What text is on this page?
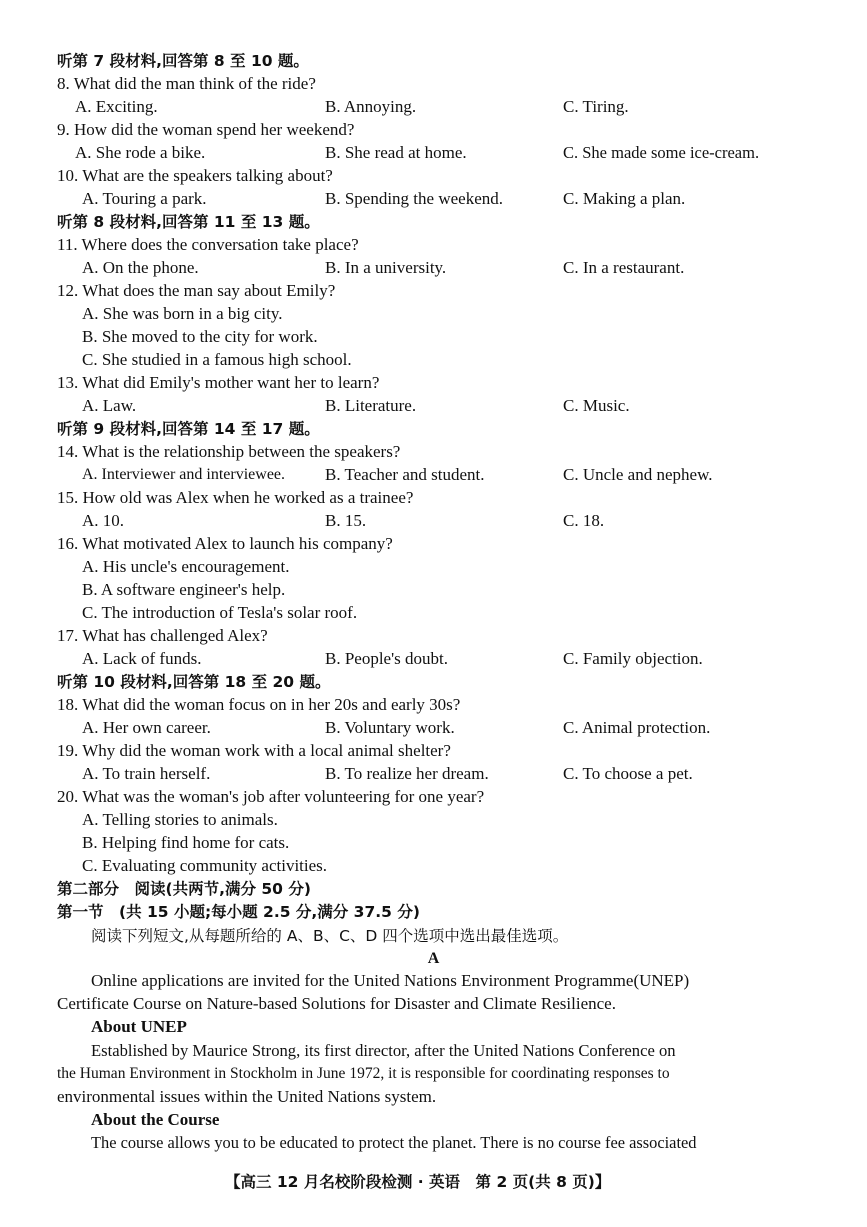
听第 7 段材料,回答第 8 至 10 题。
8. What did the man think of the ride?
A. Exciting.	B. Annoying.	C. Tiring.
9. How did the woman spend her weekend?
A. She rode a bike.	B. She read at home.	C. She made some ice-cream.
10. What are the speakers talking about?
A. Touring a park.	B. Spending the weekend.	C. Making a plan.
听第 8 段材料,回答第 11 至 13 题。
11. Where does the conversation take place?
A. On the phone.	B. In a university.	C. In a restaurant.
12. What does the man say about Emily?
A. She was born in a big city.
B. She moved to the city for work.
C. She studied in a famous high school.
13. What did Emily's mother want her to learn?
A. Law.	B. Literature.	C. Music.
听第 9 段材料,回答第 14 至 17 题。
14. What is the relationship between the speakers?
A. Interviewer and interviewee. B. Teacher and student.	C. Uncle and nephew.
15. How old was Alex when he worked as a trainee?
A. 10.	B. 15.	C. 18.
16. What motivated Alex to launch his company?
A. His uncle's encouragement.
B. A software engineer's help.
C. The introduction of Tesla's solar roof.
17. What has challenged Alex?
A. Lack of funds.	B. People's doubt.	C. Family objection.
听第 10 段材料,回答第 18 至 20 题。
18. What did the woman focus on in her 20s and early 30s?
A. Her own career.	B. Voluntary work.	C. Animal protection.
19. Why did the woman work with a local animal shelter?
A. To train herself.	B. To realize her dream.	C. To choose a pet.
20. What was the woman's job after volunteering for one year?
A. Telling stories to animals.
B. Helping find home for cats.
C. Evaluating community activities.
第二部分　阅读(共两节,满分 50 分)
第一节　(共 15 小题;每小题 2.5 分,满分 37.5 分)
阅读下列短文,从每题所给的 A、B、C、D 四个选项中选出最佳选项。
A
Online applications are invited for the United Nations Environment Programme(UNEP)
Certificate Course on Nature-based Solutions for Disaster and Climate Resilience.
About UNEP
Established by Maurice Strong, its first director, after the United Nations Conference on
the Human Environment in Stockholm in June 1972, it is responsible for coordinating responses to
environmental issues within the United Nations system.
About the Course
The course allows you to be educated to protect the planet. There is no course fee associated
【高三 12 月名校阶段检测 · 英语　第 2 页(共 8 页)】
